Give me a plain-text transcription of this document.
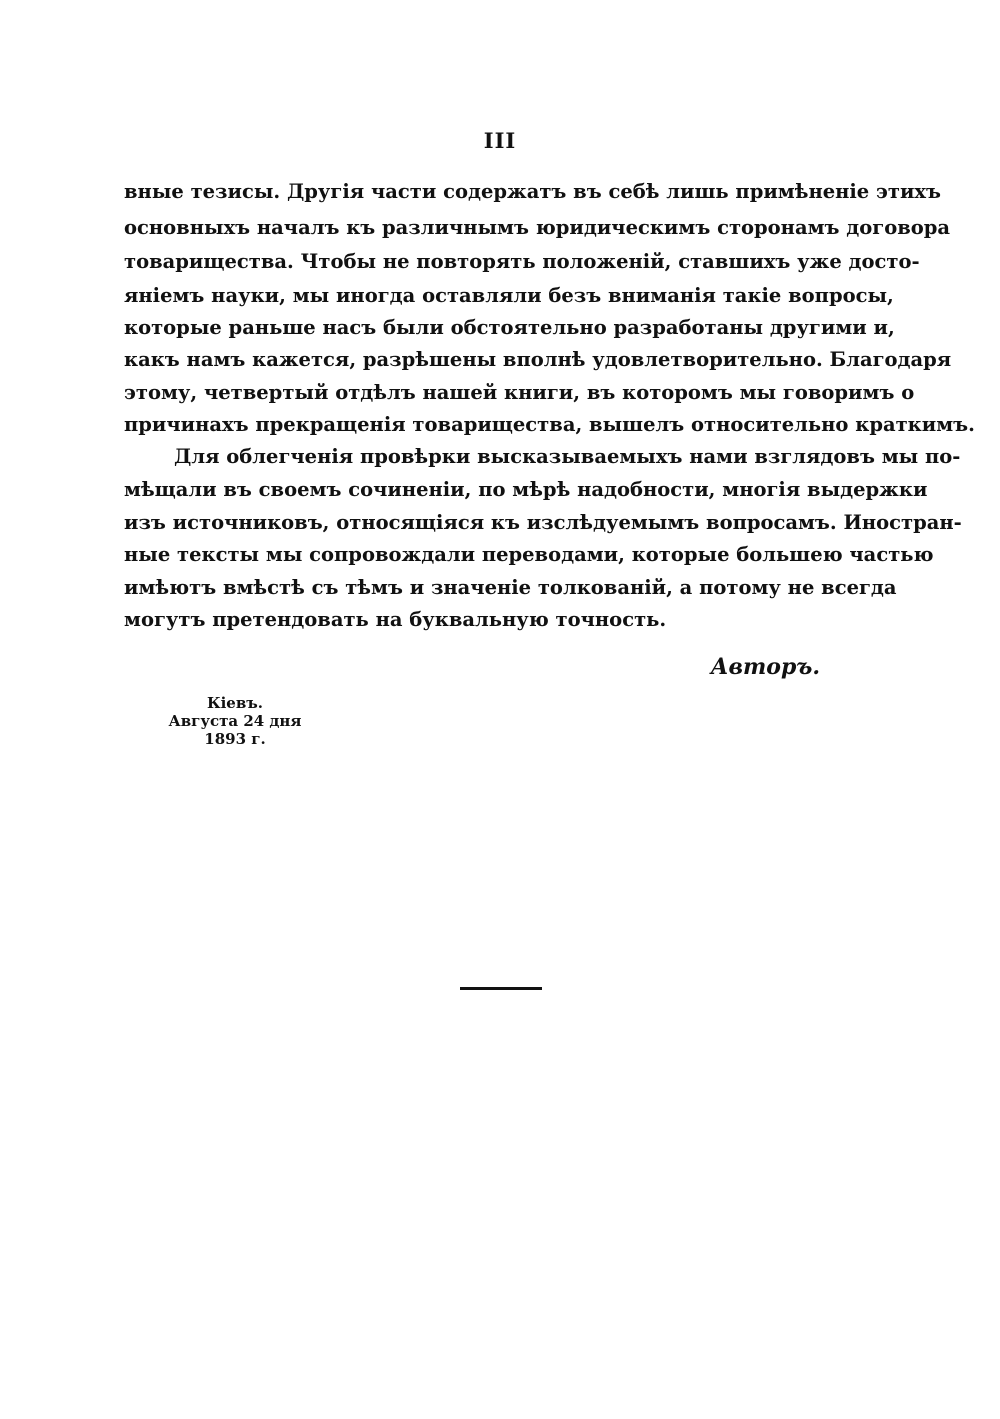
III
вные тезисы. Другія части содержатъ въ себѣ лишь примѣненіе этихъ
основныхъ началъ къ различнымъ юридическимъ сторонамъ договора
товарищества. Чтобы не повторять положеній, ставшихъ уже досто-
яніемъ науки, мы иногда оставляли безъ вниманія такіе вопросы,
которые раньше насъ были обстоятельно разработаны другими и,
какъ намъ кажется, разрѣшены вполнѣ удовлетворительно. Благодаря
этому, четвертый отдѣлъ нашей книги, въ которомъ мы говоримъ о
причинахъ прекращенія товарищества, вышелъ относительно краткимъ.
Для облегченія провѣрки высказываемыхъ нами взглядовъ мы по-
мѣщали въ своемъ сочиненіи, по мѣрѣ надобности, многія выдержки
изъ источниковъ, относящіяся къ изслѣдуемымъ вопросамъ. Иностран-
ные тексты мы сопровождали переводами, которые большею частью
имѣютъ вмѣстѣ съ тѣмъ и значеніе толкованій, а потому не всегда
могутъ претендовать на буквальную точность.
Авторъ.
Кіевъ.
Августа 24 дня
1893 г.
